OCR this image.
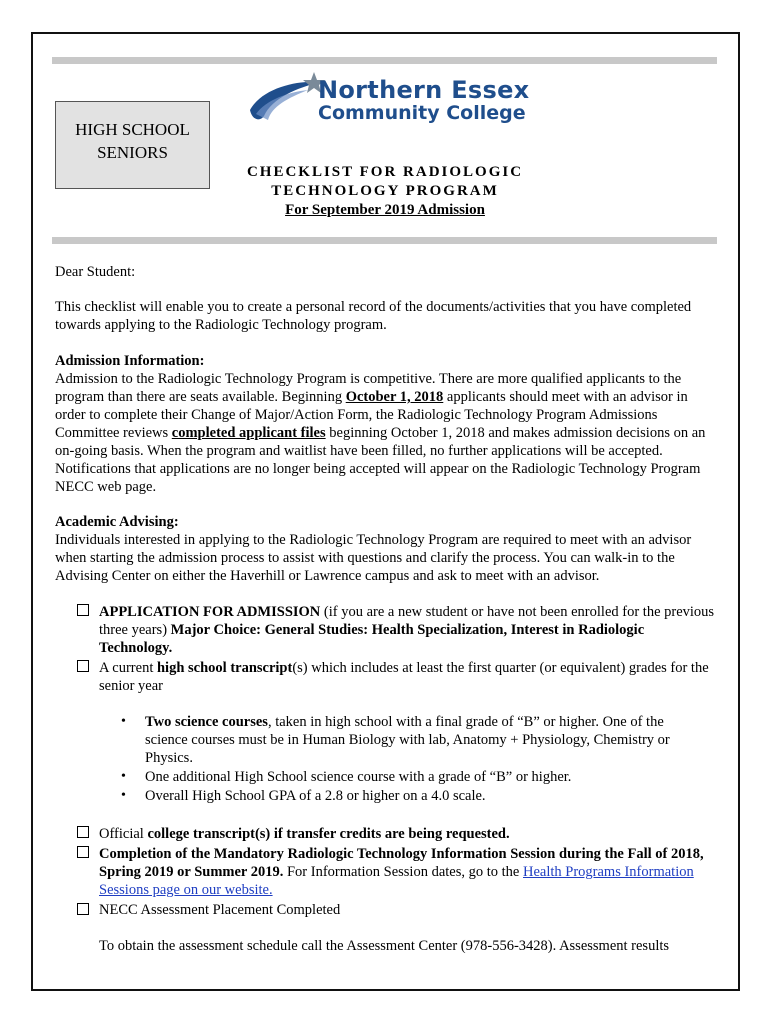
Northern Essex
Community College
HIGH SCHOOL SENIORS
CHECKLIST FOR RADIOLOGIC
TECHNOLOGY PROGRAM
For September 2019 Admission
Dear Student:
This checklist will enable you to create a personal record of the documents/activities that you have completed towards applying to the Radiologic Technology program.
Admission Information:
Admission to the Radiologic Technology Program is competitive. There are more qualified applicants to the program than there are seats available. Beginning October 1, 2018 applicants should meet with an advisor in order to complete their Change of Major/Action Form, the Radiologic Technology Program Admissions Committee reviews completed applicant files beginning October 1, 2018 and makes admission decisions on an on-going basis. When the program and waitlist have been filled, no further applications will be accepted. Notifications that applications are no longer being accepted will appear on the Radiologic Technology Program NECC web page.
Academic Advising:
Individuals interested in applying to the Radiologic Technology Program are required to meet with an advisor when starting the admission process to assist with questions and clarify the process. You can walk-in to the Advising Center on either the Haverhill or Lawrence campus and ask to meet with an advisor.
APPLICATION FOR ADMISSION (if you are a new student or have not been enrolled for the previous three years) Major Choice: General Studies: Health Specialization, Interest in Radiologic Technology.
A current high school transcript(s) which includes at least the first quarter (or equivalent) grades for the senior year
• Two science courses, taken in high school with a final grade of “B” or higher. One of the science courses must be in Human Biology with lab, Anatomy + Physiology, Chemistry or Physics.
• One additional High School science course with a grade of “B” or higher.
• Overall High School GPA of a 2.8 or higher on a 4.0 scale.
Official college transcript(s) if transfer credits are being requested.
Completion of the Mandatory Radiologic Technology Information Session during the Fall of 2018, Spring 2019 or Summer 2019. For Information Session dates, go to the Health Programs Information Sessions page on our website.
NECC Assessment Placement Completed
To obtain the assessment schedule call the Assessment Center (978-556-3428). Assessment results
